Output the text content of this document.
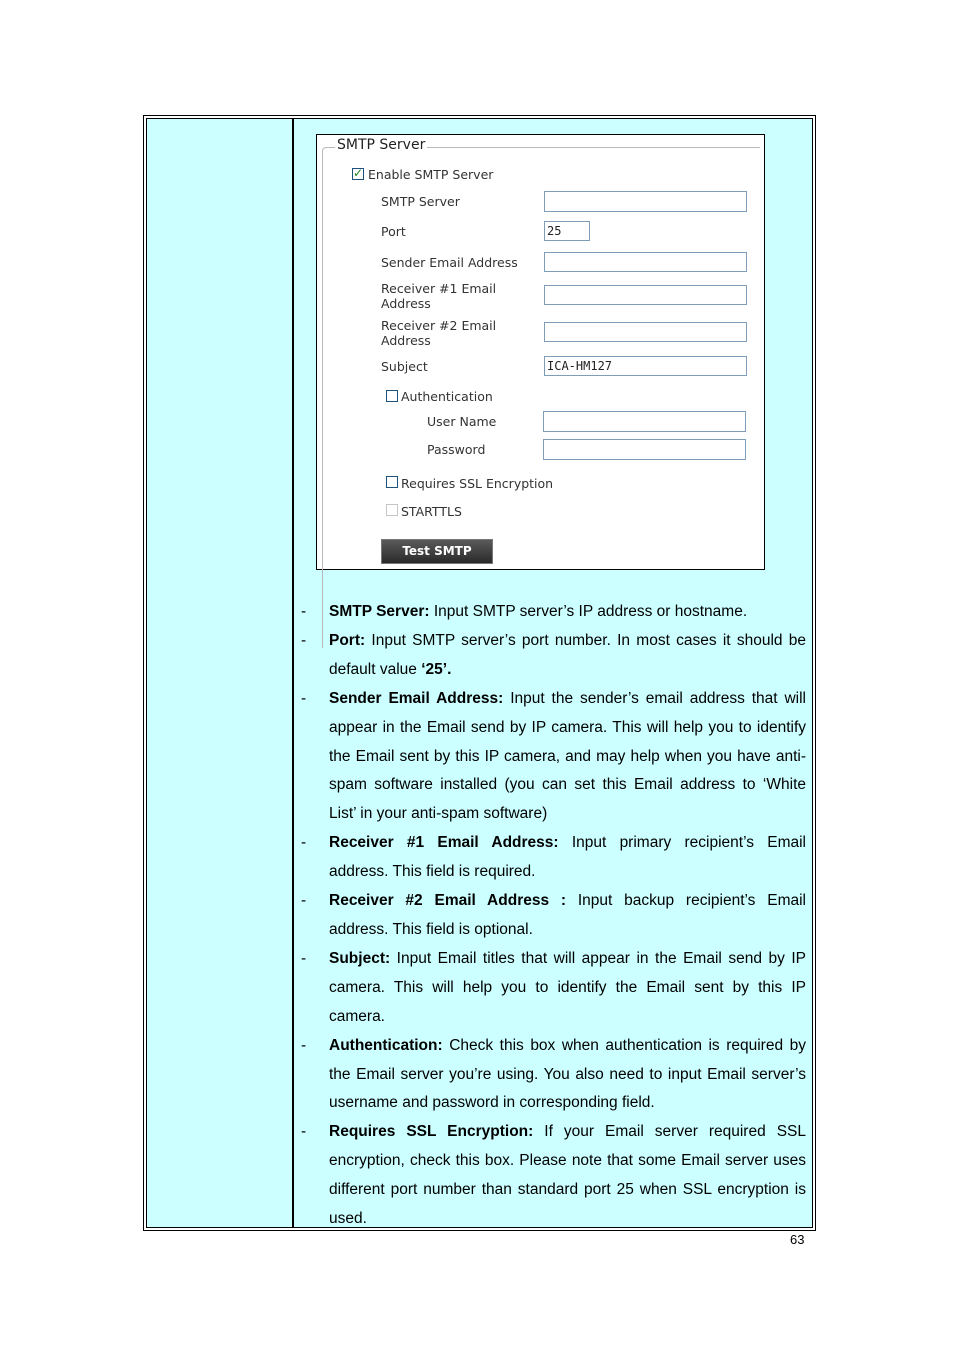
SMTP Server
✓
Enable SMTP Server
SMTP Server
Port
25
Sender Email Address
Receiver #1 Email
Address
Receiver #2 Email
Address
Subject
ICA-HM127
Authentication
User Name
Password
Requires SSL Encryption
STARTTLS
Test SMTP
- SMTP Server: Input SMTP server’s IP address or hostname.
- Port: Input SMTP server’s port number. In most cases it should be default value ‘25’.
- Sender Email Address: Input the sender’s email address that will appear in the Email send by IP camera. This will help you to identify the Email sent by this IP camera, and may help when you have anti-spam software installed (you can set this Email address to ‘White List’ in your anti-spam software)
- Receiver #1 Email Address: Input primary recipient’s Email address. This field is required.
- Receiver #2 Email Address : Input backup recipient’s Email address. This field is optional.
- Subject: Input Email titles that will appear in the Email send by IP camera. This will help you to identify the Email sent by this IP camera.
- Authentication: Check this box when authentication is required by the Email server you’re using. You also need to input Email server’s username and password in corresponding field.
- Requires SSL Encryption: If your Email server required SSL encryption, check this box. Please note that some Email server uses different port number than standard port 25 when SSL encryption is used.
63
